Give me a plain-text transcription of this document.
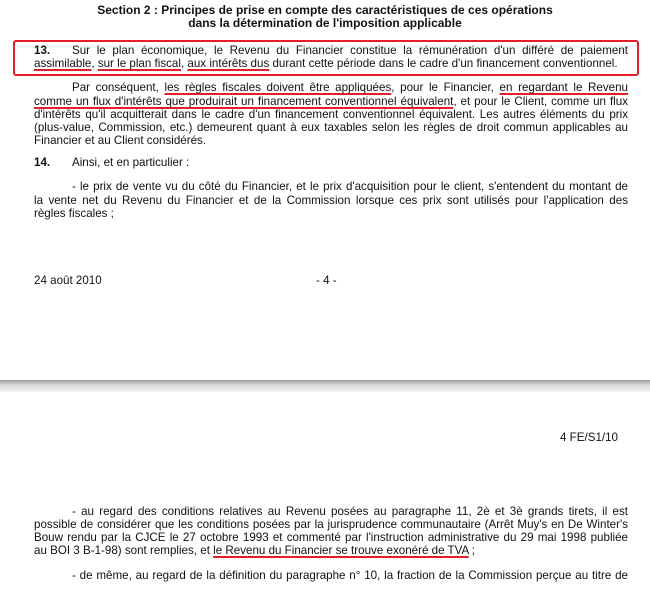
Section 2 : Principes de prise en compte des caractéristiques de ces opérations
dans la détermination de l'imposition applicable
13. Sur le plan économique, le Revenu du Financier constitue la rémunération d'un différé de paiement
assimilable, sur le plan fiscal, aux intérêts dus durant cette période dans le cadre d'un financement conventionnel.
Par conséquent, les règles fiscales doivent être appliquées, pour le Financier, en regardant le Revenu
comme un flux d'intérêts que produirait un financement conventionnel équivalent, et pour le Client, comme un flux
d'intérêts qu'il acquitterait dans le cadre d'un financement conventionnel équivalent. Les autres éléments du prix
(plus-value, Commission, etc.) demeurent quant à eux taxables selon les règles de droit commun applicables au
Financier et au Client considérés.
14. Ainsi, et en particulier :
- le prix de vente vu du côté du Financier, et le prix d'acquisition pour le client, s'entendent du montant de
la vente net du Revenu du Financier et de la Commission lorsque ces prix sont utilisés pour l'application des
règles fiscales ;
24 août 2010	- 4 -
4 FE/S1/10
- au regard des conditions relatives au Revenu posées au paragraphe 11, 2è et 3è grands tirets, il est
possible de considérer que les conditions posées par la jurisprudence communautaire (Arrêt Muy's en De Winter's
Bouw rendu par la CJCE le 27 octobre 1993 et commenté par l'instruction administrative du 29 mai 1998 publiée
au BOI 3 B-1-98) sont remplies, et le Revenu du Financier se trouve exonéré de TVA ;
- de même, au regard de la définition du paragraphe n° 10, la fraction de la Commission perçue au titre de
